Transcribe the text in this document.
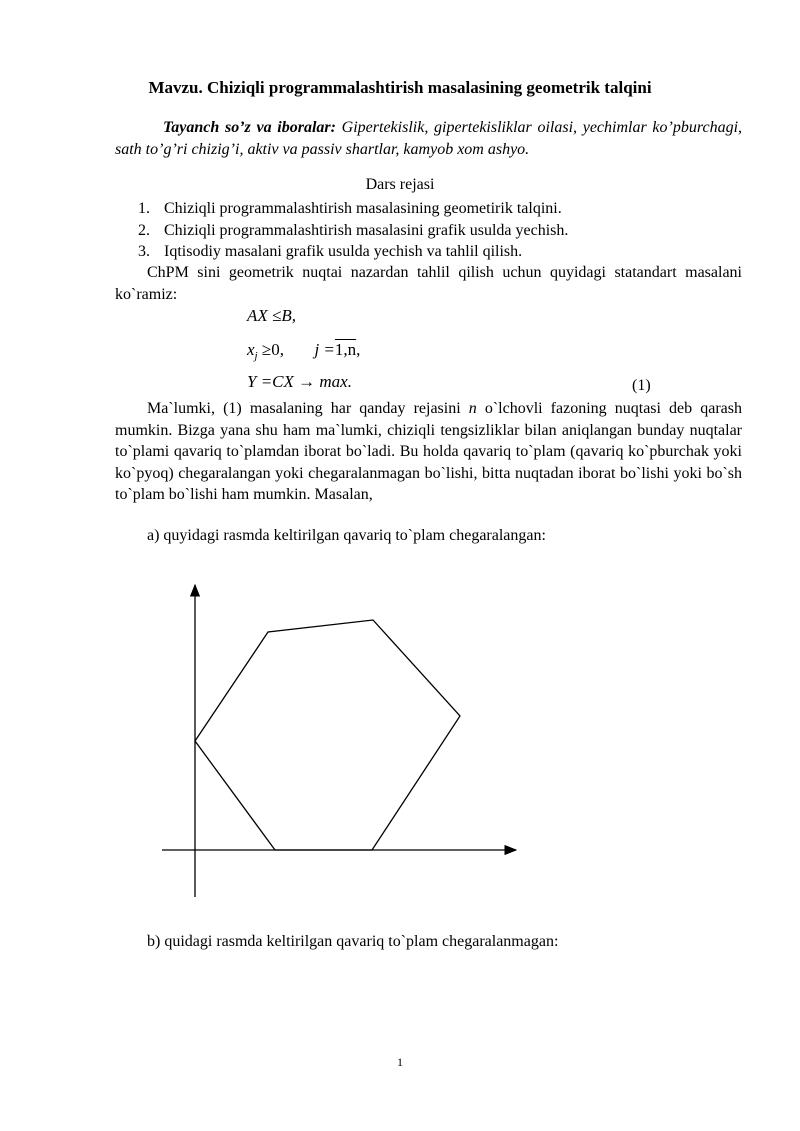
Mavzu. Chiziqli programmalashtirish masalasining geometrik talqini
Tayanch so’z va iboralar: Gipertekislik, gipertekisliklar oilasi, yechimlar ko’pburchagi, sath to’g’ri chizig’i, aktiv va passiv shartlar, kamyob xom ashyo.
Dars rejasi
1. Chiziqli programmalashtirish masalasining geometirik talqini.
2. Chiziqli programmalashtirish masalasini grafik usulda yechish.
3. Iqtisodiy masalani grafik usulda yechish va tahlil qilish.
ChPM sini geometrik nuqtai nazardan tahlil qilish uchun quyidagi statandart masalani ko`ramiz:
AX ≤B,
$x_j \ge 0$, j =1,n,
Y =CX → max.	(1)
Ma`lumki, (1) masalaning har qanday rejasini n o`lchovli fazoning nuqtasi deb qarash mumkin. Bizga yana shu ham ma`lumki, chiziqli tengsizliklar bilan aniqlangan bunday nuqtalar to`plami qavariq to`plamdan iborat bo`ladi. Bu holda qavariq to`plam (qavariq ko`pburchak yoki ko`pyoq) chegaralangan yoki chegaralanmagan bo`lishi, bitta nuqtadan iborat bo`lishi yoki bo`sh to`plam bo`lishi ham mumkin. Masalan,
a) quyidagi rasmda keltirilgan qavariq to`plam chegaralangan:
b) quidagi rasmda keltirilgan qavariq to`plam chegaralanmagan:
1
